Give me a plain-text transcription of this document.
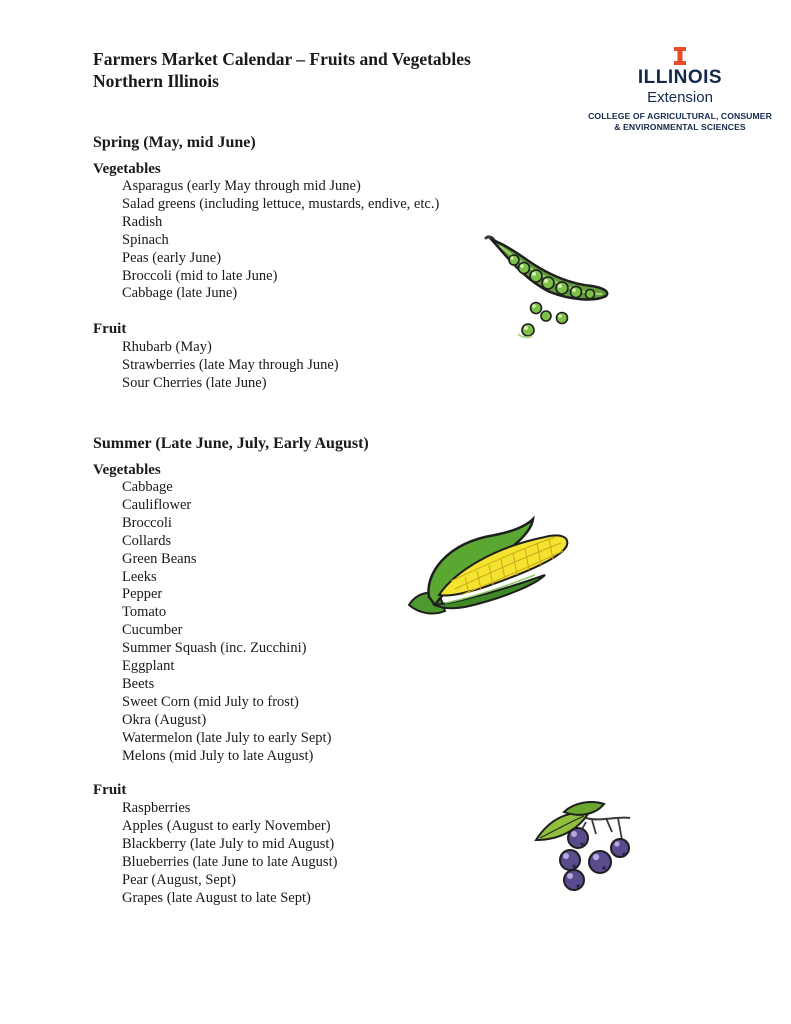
Farmers Market Calendar – Fruits and Vegetables
Northern Illinois	ILLINOIS
Extension
COLLEGE OF AGRICULTURAL, CONSUMER
& ENVIRONMENTAL SCIENCES
Spring (May, mid June)
Vegetables
Asparagus (early May through mid June)
Salad greens (including lettuce, mustards, endive, etc.)
Radish
Spinach
Peas (early June)
Broccoli (mid to late June)
Cabbage (late June)
Fruit
Rhubarb (May)
Strawberries (late May through June)
Sour Cherries (late June)
Summer (Late June, July, Early August)
Vegetables
Cabbage
Cauliflower
Broccoli
Collards
Green Beans
Leeks
Pepper
Tomato
Cucumber
Summer Squash (inc. Zucchini)
Eggplant
Beets
Sweet Corn (mid July to frost)
Okra (August)
Watermelon (late July to early Sept)
Melons (mid July to late August)
Fruit
Raspberries
Apples (August to early November)
Blackberry (late July to mid August)
Blueberries (late June to late August)
Pear (August, Sept)
Grapes (late August to late Sept)
